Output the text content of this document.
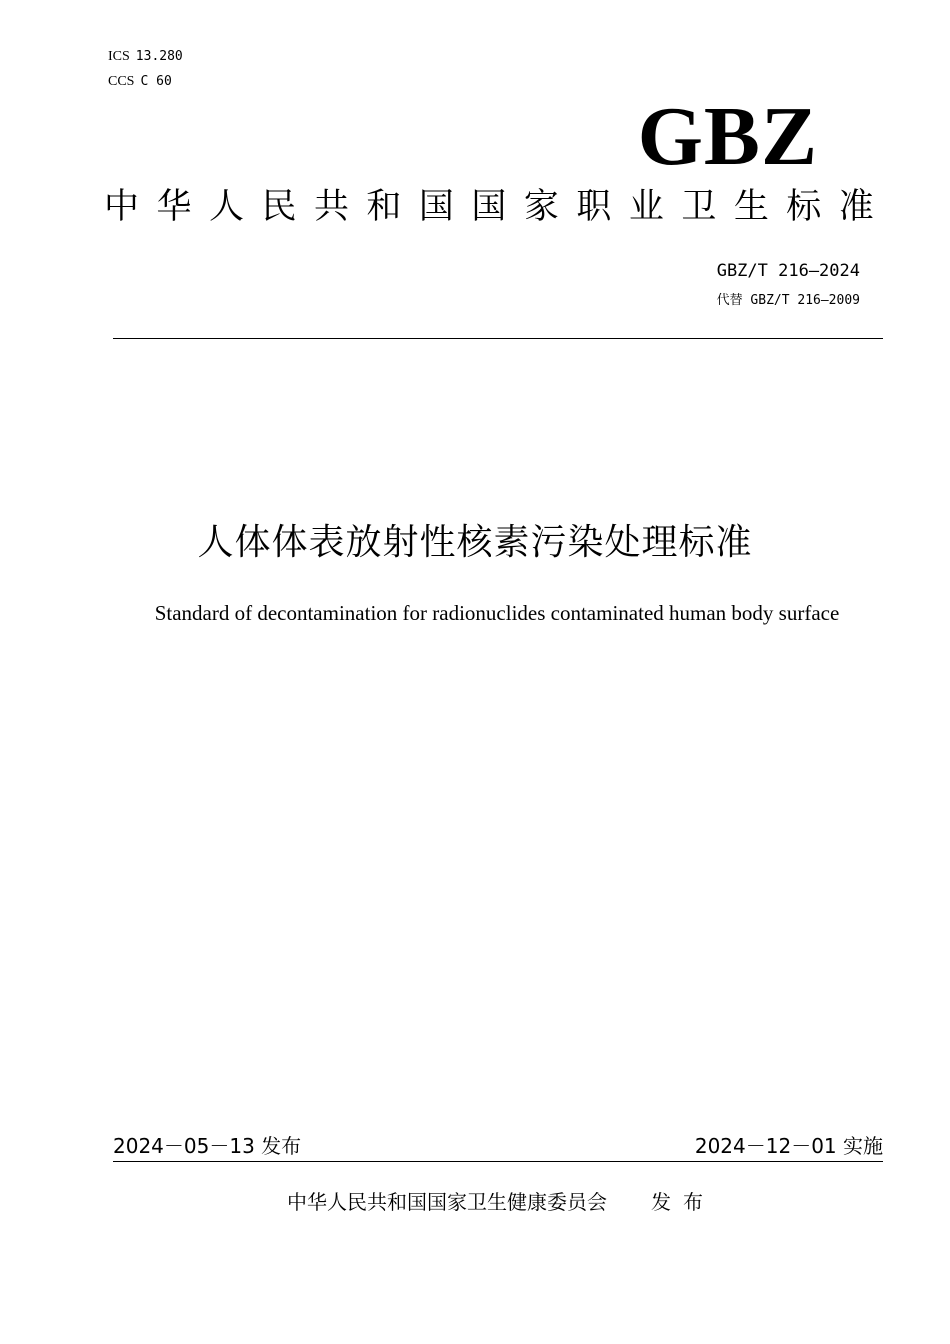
ICS 13.280
CCS C 60
GBZ
中 华 人 民 共 和 国 国 家 职 业 卫 生 标 准
GBZ/T 216—2024
代替 GBZ/T 216—2009
人体体表放射性核素污染处理标准
Standard of decontamination for radionuclides contaminated human body surface
2024－05－13 发布	2024－12－01 实施
中华人民共和国国家卫生健康委员会 发布
